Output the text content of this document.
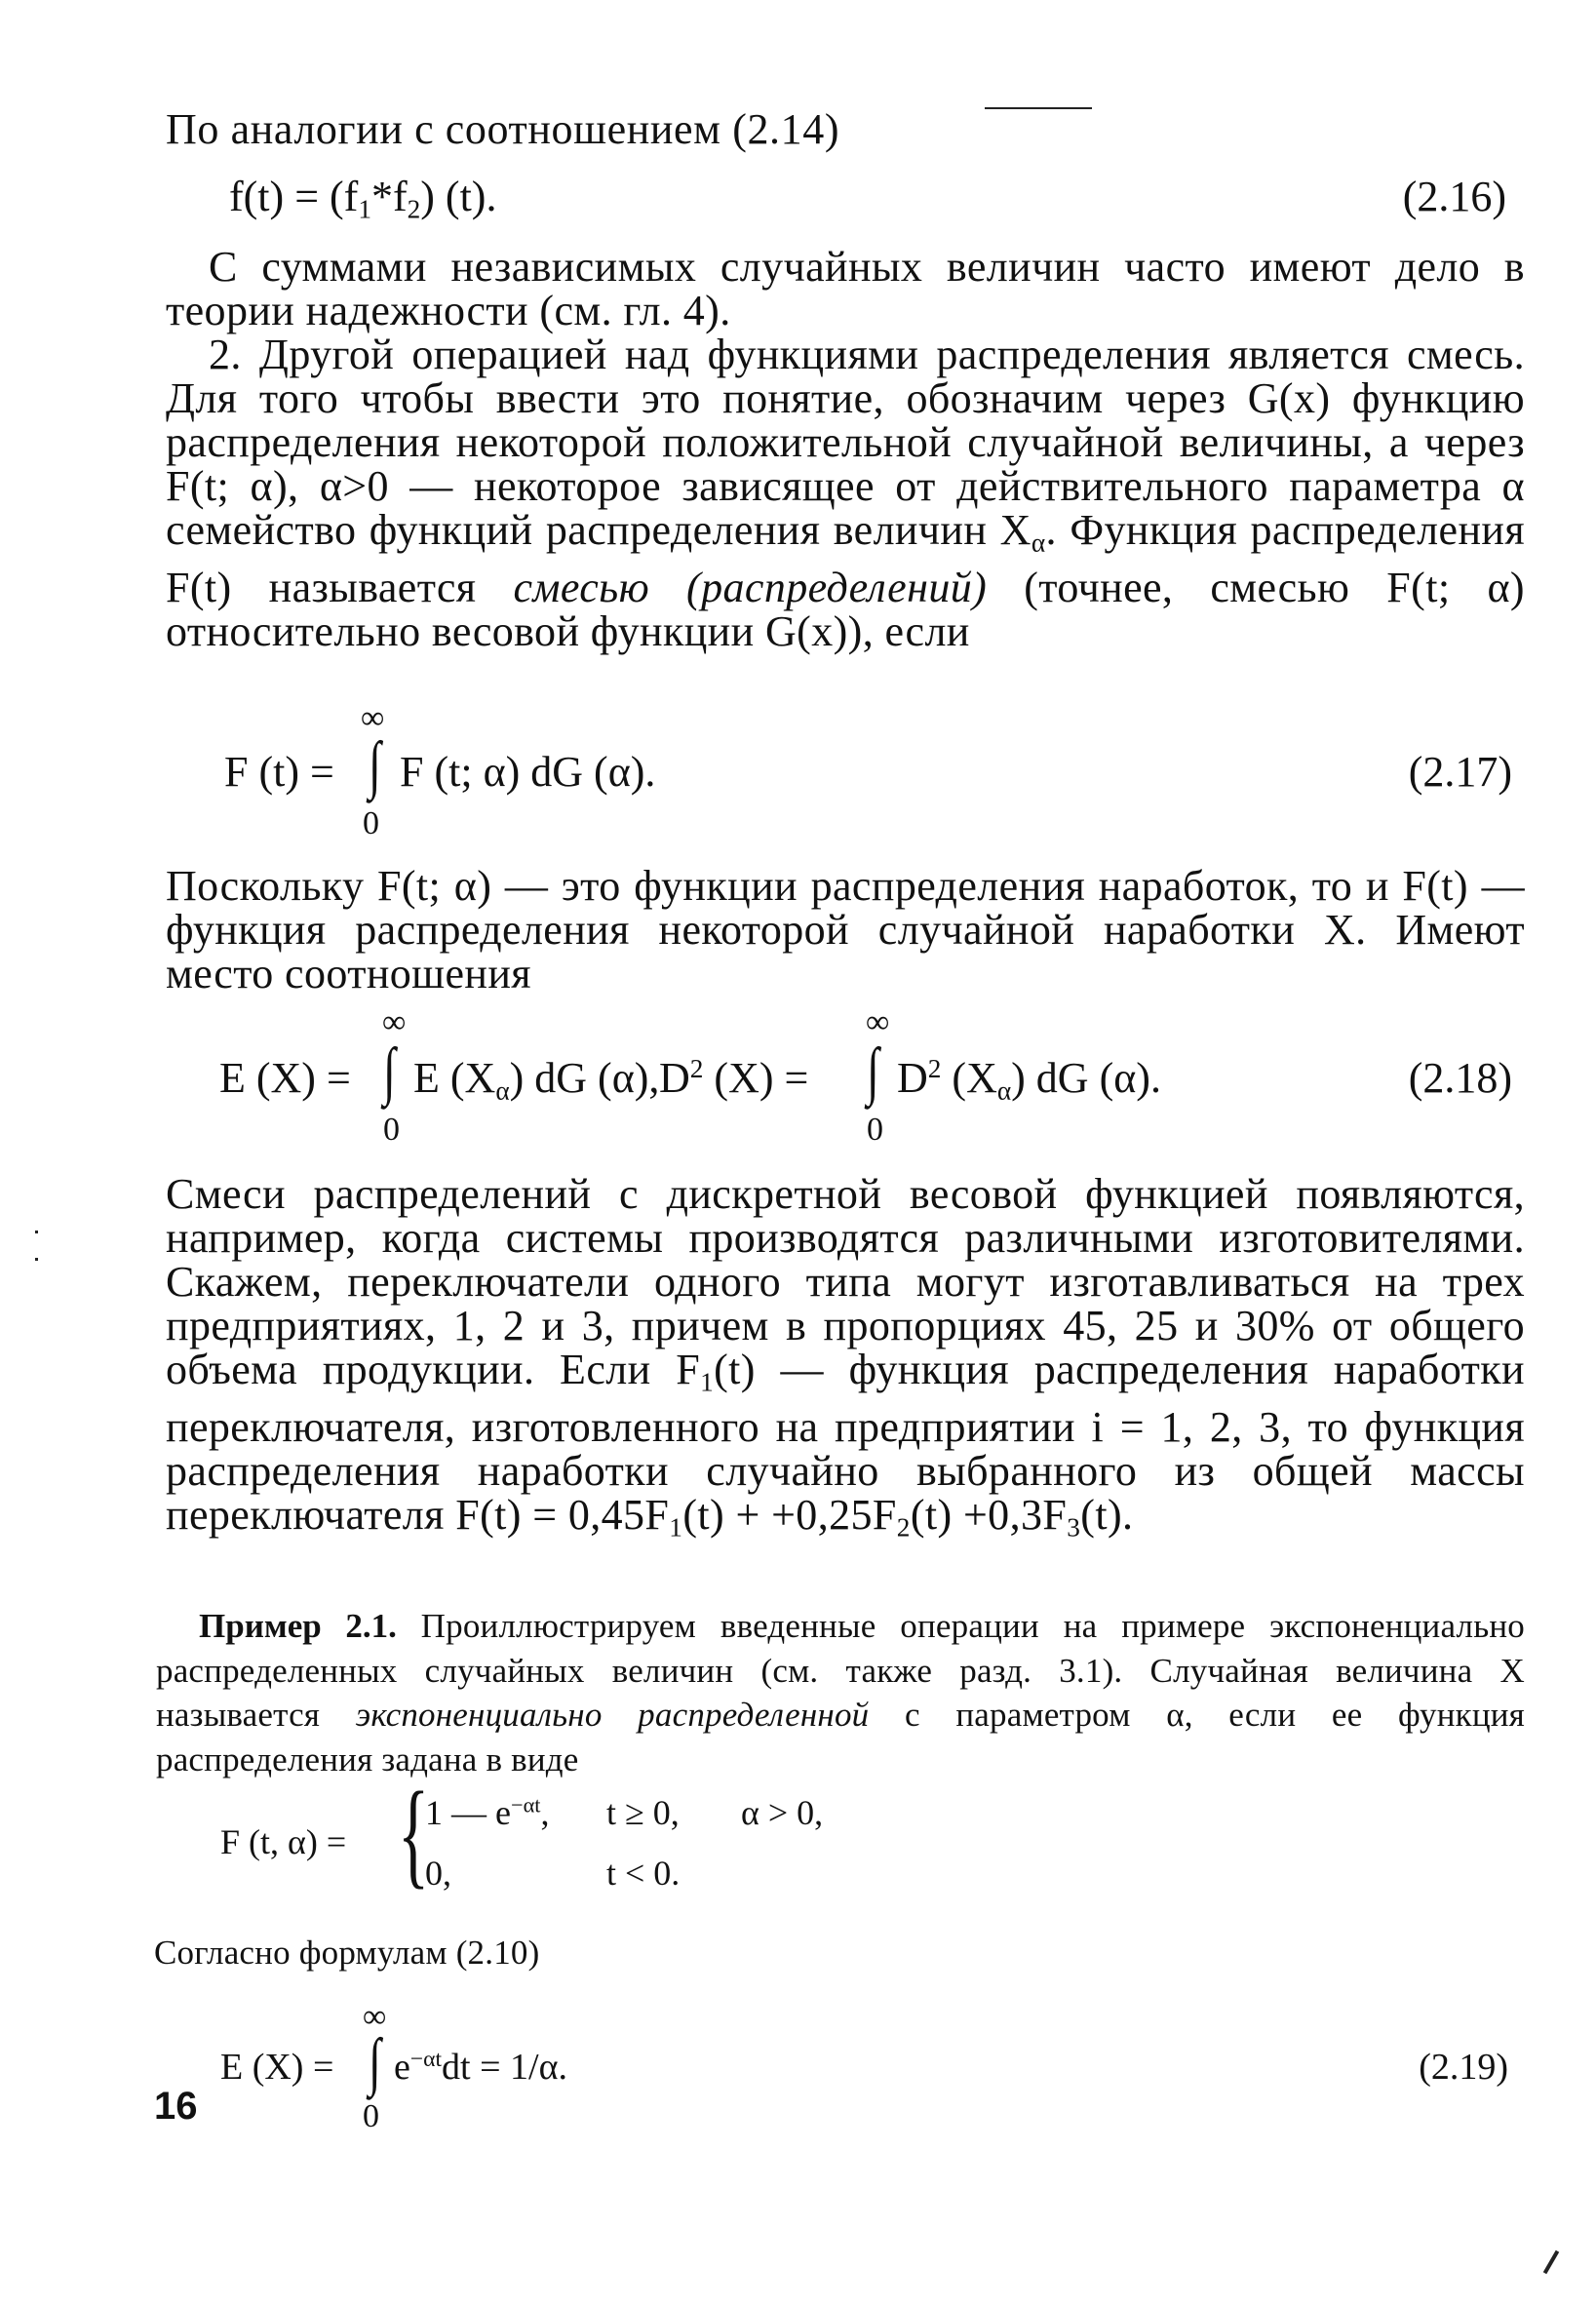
По аналогии с соотношением (2.14)
$f(t) = (f_1*f_2)$ (t).	(2.16)
С суммами независимых случайных величин часто имеют дело в теории надежности (см. гл. 4).
2. Другой операцией над функциями распределения является смесь. Для того чтобы ввести это понятие, обозначим через G(x) функцию распределения некоторой положительной случайной величины, а через F(t; α), α>0 — некоторое зависящее от действительного параметра α семейство функций распределения величин $X_\alpha$. Функция распределения F(t) называется смесью (распределений) (точнее, смесью F(t; α) относительно весовой функции G(x)), если
∞
F (t) = ∫ F (t; α) dG (α).
0
(2.17)
Поскольку F(t; α) — это функции распределения наработок, то и F(t) — функция распределения некоторой случайной наработки X. Имеют место соотношения
∞
E (X) = ∫ E $(X_\alpha)$ dG (α),
0
$D^2$ (X) =
∞
∫
0
$D^2$ $(X_\alpha)$ dG (α).	(2.18)
Смеси распределений с дискретной весовой функцией появляются, например, когда системы производятся различными изготовителями. Скажем, переключатели одного типа могут изготавливаться на трех предприятиях, 1, 2 и 3, причем в пропорциях 45, 25 и 30% от общего объема продукции. Если $F_1(t)$ — функция распределения наработки переключателя, изготовленного на предприятии i = 1, 2, 3, то функция распределения наработки случайно выбранного из общей массы переключателя $F(t) = 0,45F_1(t) + +0,25F_2(t) +0,3F_3(t)$.
Пример 2.1. Проиллюстрируем введенные операции на примере экспоненциально распределенных случайных величин (см. также разд. 3.1). Случайная величина X называется экспоненциально распределенной с параметром α, если ее функция распределения задана в виде
F (t, α) = {
1 — $e^{-\alpha t}$, t ≥ 0, α > 0,
0,	t < 0.
Согласно формулам (2.10)
∞
E (X) = ∫ $e^{-\alpha t}dt = 1/\alpha$.
0
(2.19)
16
